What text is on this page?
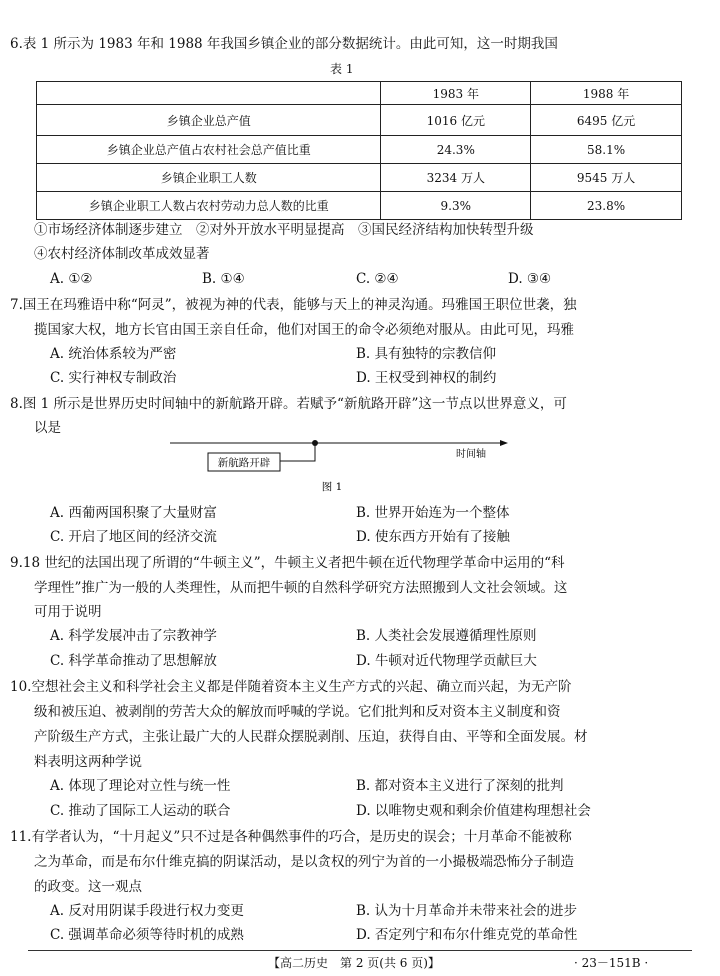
6.表 1 所示为 1983 年和 1988 年我国乡镇企业的部分数据统计。由此可知，这一时期我国
表 1
	1983 年	1988 年
乡镇企业总产值	1016 亿元	6495 亿元
乡镇企业总产值占农村社会总产值比重	24.3%	58.1%
乡镇企业职工人数	3234 万人	9545 万人
乡镇企业职工人数占农村劳动力总人数的比重	9.3%	23.8%
①市场经济体制逐步建立　②对外开放水平明显提高　③国民经济结构加快转型升级
④农村经济体制改革成效显著
A. ①②	B. ①④	C. ②④	D. ③④
7.国王在玛雅语中称“阿灵”，被视为神的代表，能够与天上的神灵沟通。玛雅国王职位世袭，独
揽国家大权，地方长官由国王亲自任命，他们对国王的命令必须绝对服从。由此可见，玛雅
A. 统治体系较为严密	B. 具有独特的宗教信仰
C. 实行神权专制政治	D. 王权受到神权的制约
8.图 1 所示是世界历史时间轴中的新航路开辟。若赋予“新航路开辟”这一节点以世界意义，可
以是
新航路开辟
时间轴
图 1
A. 西葡两国积聚了大量财富	B. 世界开始连为一个整体
C. 开启了地区间的经济交流	D. 使东西方开始有了接触
9.18 世纪的法国出现了所谓的“牛顿主义”，牛顿主义者把牛顿在近代物理学革命中运用的“科
学理性”推广为一般的人类理性，从而把牛顿的自然科学研究方法照搬到人文社会领域。这
可用于说明
A. 科学发展冲击了宗教神学	B. 人类社会发展遵循理性原则
C. 科学革命推动了思想解放	D. 牛顿对近代物理学贡献巨大
10.空想社会主义和科学社会主义都是伴随着资本主义生产方式的兴起、确立而兴起，为无产阶
级和被压迫、被剥削的劳苦大众的解放而呼喊的学说。它们批判和反对资本主义制度和资
产阶级生产方式，主张让最广大的人民群众摆脱剥削、压迫，获得自由、平等和全面发展。材
料表明这两种学说
A. 体现了理论对立性与统一性	B. 都对资本主义进行了深刻的批判
C. 推动了国际工人运动的联合	D. 以唯物史观和剩余价值建构理想社会
11.有学者认为，“十月起义”只不过是各种偶然事件的巧合，是历史的误会；十月革命不能被称
之为革命，而是布尔什维克搞的阴谋活动，是以贪权的列宁为首的一小撮极端恐怖分子制造
的政变。这一观点
A. 反对用阴谋手段进行权力变更	B. 认为十月革命并未带来社会的进步
C. 强调革命必须等待时机的成熟	D. 否定列宁和布尔什维克党的革命性
【高二历史　第 2 页(共 6 页)】	· 23－151B ·
